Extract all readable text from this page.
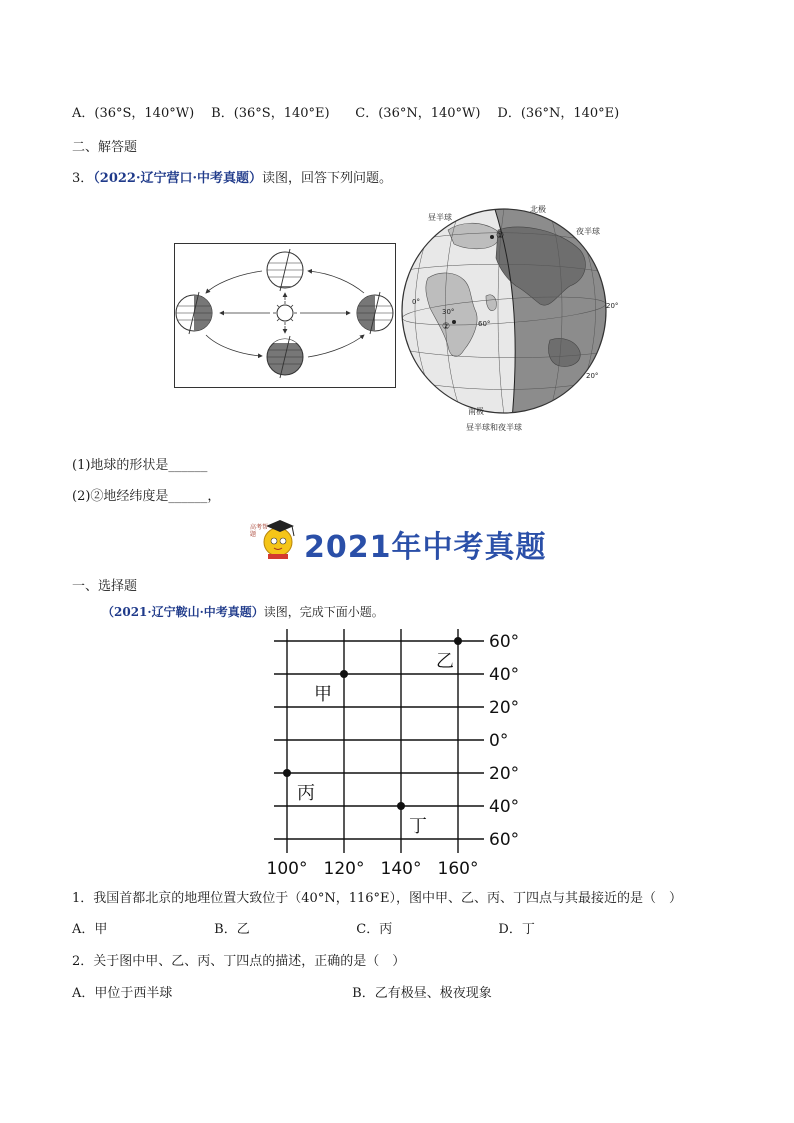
A．(36°S，140°W) B．(36°S，140°E) C．(36°N，140°W) D．(36°N，140°E)
二、解答题
3．（2022·辽宁营口·中考真题）读图，回答下列问题。
昼半球
北极
夜半球
①
②
0°
30°
60°
20°
20°
南极
昼半球和夜半球
(1)地球的形状是______
(2)②地经纬度是______，
高考帮题	2021年中考真题
一、选择题
（2021·辽宁鞍山·中考真题）读图，完成下面小题。
甲
乙
丙
丁
60°
40°
20°
0°
20°
40°
60°
100° 120° 140° 160°
1．我国首都北京的地理位置大致位于（40°N，116°E），图中甲、乙、丙、丁四点与其最接近的是（　）
A．甲	B．乙	C．丙	D．丁
2．关于图中甲、乙、丙、丁四点的描述，正确的是（　）
A．甲位于西半球	B．乙有极昼、极夜现象
